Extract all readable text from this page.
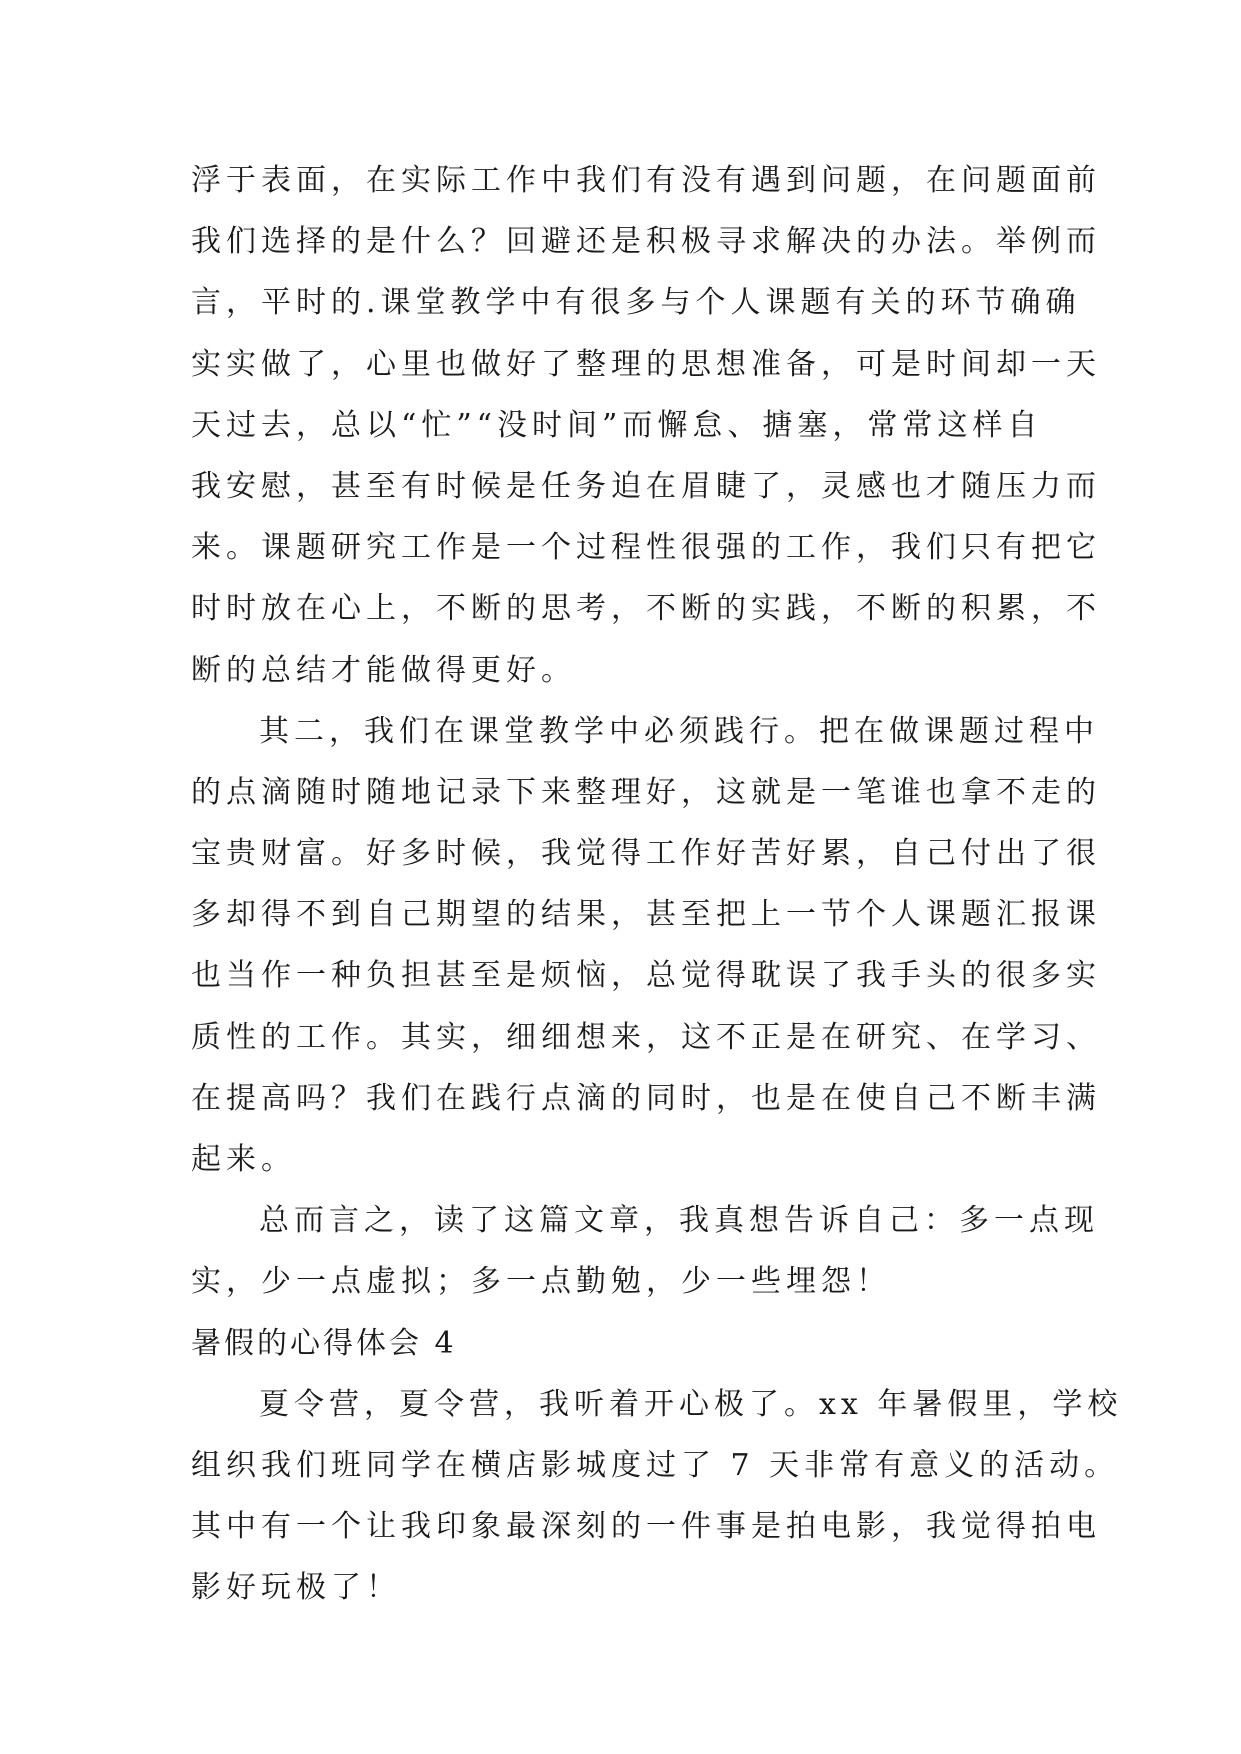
浮于表面，在实际工作中我们有没有遇到问题，在问题面前
我们选择的是什么？回避还是积极寻求解决的办法。举例而
言，平时的.课堂教学中有很多与个人课题有关的环节确确
实实做了，心里也做好了整理的思想准备，可是时间却一天
天过去，总以“忙”“没时间”而懈怠、搪塞，常常这样自
我安慰，甚至有时候是任务迫在眉睫了，灵感也才随压力而
来。课题研究工作是一个过程性很强的工作，我们只有把它
时时放在心上，不断的思考，不断的实践，不断的积累，不
断的总结才能做得更好。
其二，我们在课堂教学中必须践行。把在做课题过程中
的点滴随时随地记录下来整理好，这就是一笔谁也拿不走的
宝贵财富。好多时候，我觉得工作好苦好累，自己付出了很
多却得不到自己期望的结果，甚至把上一节个人课题汇报课
也当作一种负担甚至是烦恼，总觉得耽误了我手头的很多实
质性的工作。其实，细细想来，这不正是在研究、在学习、
在提高吗？我们在践行点滴的同时，也是在使自己不断丰满
起来。
总而言之，读了这篇文章，我真想告诉自己：多一点现
实，少一点虚拟；多一点勤勉，少一些埋怨！
暑假的心得体会 4
夏令营，夏令营，我听着开心极了。xx 年暑假里，学校
组织我们班同学在横店影城度过了 7 天非常有意义的活动。
其中有一个让我印象最深刻的一件事是拍电影，我觉得拍电
影好玩极了！
